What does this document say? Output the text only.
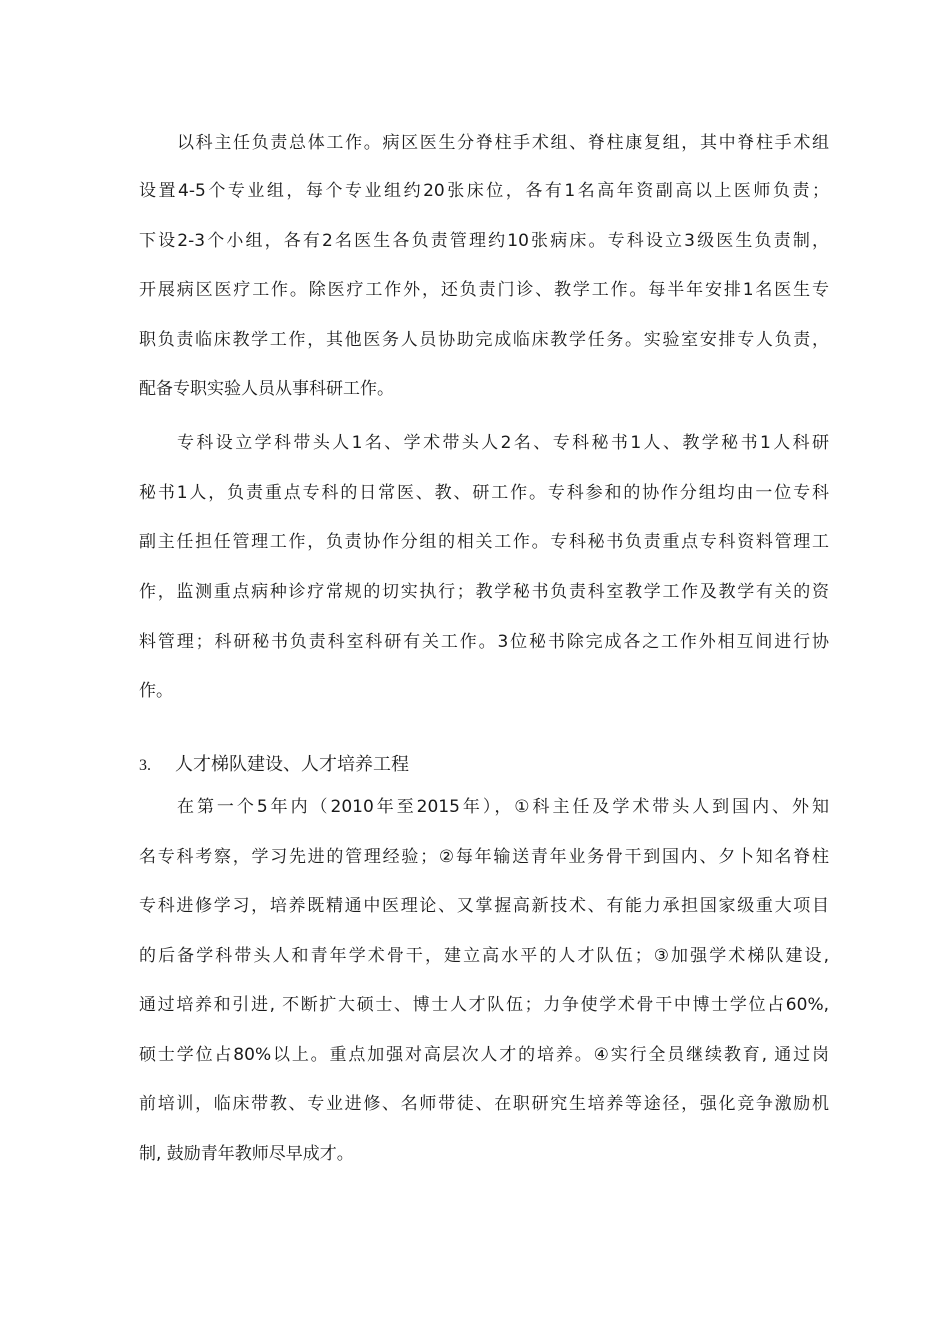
以科主任负责总体工作。病区医生分脊柱手术组、脊柱康复组，其中脊柱手术组
设置4-5个专业组，每个专业组约20张床位，各有1名高年资副高以上医师负责；
下设2-3个小组，各有2名医生各负责管理约10张病床。专科设立3级医生负责制，
开展病区医疗工作。除医疗工作外，还负责门诊、教学工作。每半年安排1名医生专
职负责临床教学工作，其他医务人员协助完成临床教学任务。实验室安排专人负责，
配备专职实验人员从事科研工作。
专科设立学科带头人1名、学术带头人2名、专科秘书1人、教学秘书1人科研
秘书1人，负责重点专科的日常医、教、研工作。专科参和的协作分组均由一位专科
副主任担任管理工作，负责协作分组的相关工作。专科秘书负责重点专科资料管理工
作，监测重点病种诊疗常规的切实执行；教学秘书负责科室教学工作及教学有关的资
料管理；科研秘书负责科室科研有关工作。3位秘书除完成各之工作外相互间进行协
作。
3. 人才梯队建设、人才培养工程
在第一个5年内（2010年至2015年），①科主任及学术带头人到国内、外知
名专科考察，学习先进的管理经验；②每年输送青年业务骨干到国内、夕卜知名脊柱
专科进修学习，培养既精通中医理论、又掌握高新技术、有能力承担国家级重大项目
的后备学科带头人和青年学术骨干，建立高水平的人才队伍；③加强学术梯队建设,
通过培养和引进, 不断扩大硕士、博士人才队伍；力争使学术骨干中博士学位占60%,
硕士学位占80%以上。重点加强对高层次人才的培养。④实行全员继续教育, 通过岗
前培训，临床带教、专业进修、名师带徒、在职研究生培养等途径，强化竞争激励机
制, 鼓励青年教师尽早成才。
